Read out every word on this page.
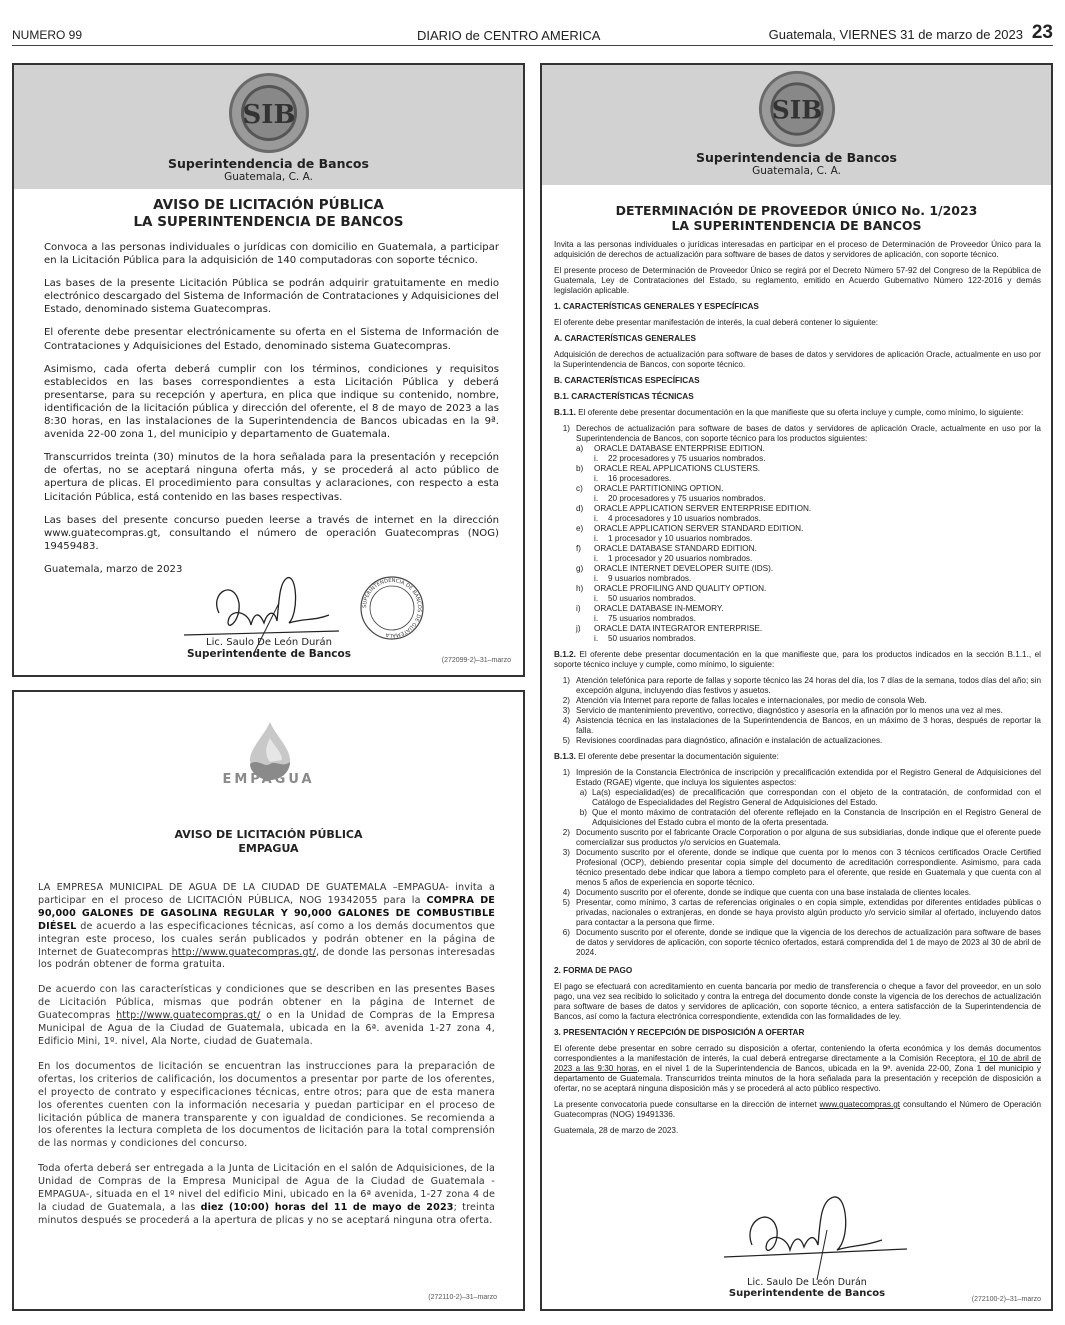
NUMERO 99	DIARIO de CENTRO AMERICA	Guatemala, VIERNES 31 de marzo de 2023 23
SIB
Superintendencia de Bancos
Guatemala, C. A.
AVISO DE LICITACIÓN PÚBLICA
LA SUPERINTENDENCIA DE BANCOS

Convoca a las personas individuales o jurídicas con domicilio en Guatemala, a participar en la Licitación Pública para la adquisición de 140 computadoras con soporte técnico.

Las bases de la presente Licitación Pública se podrán adquirir gratuitamente en medio electrónico descargado del Sistema de Información de Contrataciones y Adquisiciones del Estado, denominado sistema Guatecompras.

El oferente debe presentar electrónicamente su oferta en el Sistema de Información de Contrataciones y Adquisiciones del Estado, denominado sistema Guatecompras.

Asimismo, cada oferta deberá cumplir con los términos, condiciones y requisitos establecidos en las bases correspondientes a esta Licitación Pública y deberá presentarse, para su recepción y apertura, en plica que indique su contenido, nombre, identificación de la licitación pública y dirección del oferente, el 8 de mayo de 2023 a las 8:30 horas, en las instalaciones de la Superintendencia de Bancos ubicadas en la 9ª. avenida 22-00 zona 1, del municipio y departamento de Guatemala.

Transcurridos treinta (30) minutos de la hora señalada para la presentación y recepción de ofertas, no se aceptará ninguna oferta más, y se procederá al acto público de apertura de plicas. El procedimiento para consultas y aclaraciones, con respecto a esta Licitación Pública, está contenido en las bases respectivas.

Las bases del presente concurso pueden leerse a través de internet en la dirección www.guatecompras.gt, consultando el número de operación Guatecompras (NOG) 19459483.

Guatemala, marzo de 2023

SUPERINTENDENCIA DE BANCOS DE GUATEMALA
Lic. Saulo De León Durán
Superintendente de Bancos
(272099-2)–31–marzo
EMPAGUA
AVISO DE LICITACIÓN PÚBLICA
EMPAGUA

LA EMPRESA MUNICIPAL DE AGUA DE LA CIUDAD DE GUATEMALA –EMPAGUA- invita a participar en el proceso de LICITACIÓN PÚBLICA, NOG 19342055 para la COMPRA DE 90,000 GALONES DE GASOLINA REGULAR Y 90,000 GALONES DE COMBUSTIBLE DIÉSEL de acuerdo a las especificaciones técnicas, así como a los demás documentos que integran este proceso, los cuales serán publicados y podrán obtener en la página de Internet de Guatecompras http://www.guatecompras.gt/, de donde las personas interesadas los podrán obtener de forma gratuita.

De acuerdo con las características y condiciones que se describen en las presentes Bases de Licitación Pública, mismas que podrán obtener en la página de Internet de Guatecompras http://www.guatecompras.gt/ o en la Unidad de Compras de la Empresa Municipal de Agua de la Ciudad de Guatemala, ubicada en la 6ª. avenida 1-27 zona 4, Edificio Mini, 1º. nivel, Ala Norte, ciudad de Guatemala.

En los documentos de licitación se encuentran las instrucciones para la preparación de ofertas, los criterios de calificación, los documentos a presentar por parte de los oferentes, el proyecto de contrato y especificaciones técnicas, entre otros; para que de esta manera los oferentes cuenten con la información necesaria y puedan participar en el proceso de licitación pública de manera transparente y con igualdad de condiciones. Se recomienda a los oferentes la lectura completa de los documentos de licitación para la total comprensión de las normas y condiciones del concurso.

Toda oferta deberá ser entregada a la Junta de Licitación en el salón de Adquisiciones, de la Unidad de Compras de la Empresa Municipal de Agua de la Ciudad de Guatemala -EMPAGUA-, situada en el 1º nivel del edificio Mini, ubicado en la 6ª avenida, 1-27 zona 4 de la ciudad de Guatemala, a las diez (10:00) horas del 11 de mayo de 2023; treinta minutos después se procederá a la apertura de plicas y no se aceptará ninguna otra oferta.

(272110-2)–31–marzo
SIB
Superintendencia de Bancos
Guatemala, C. A.
DETERMINACIÓN DE PROVEEDOR ÚNICO No. 1/2023
LA SUPERINTENDENCIA DE BANCOS

Invita a las personas individuales o jurídicas interesadas en participar en el proceso de Determinación de Proveedor Único para la adquisición de derechos de actualización para software de bases de datos y servidores de aplicación, con soporte técnico.

El presente proceso de Determinación de Proveedor Único se regirá por el Decreto Número 57-92 del Congreso de la República de Guatemala, Ley de Contrataciones del Estado, su reglamento, emitido en Acuerdo Gubernativo Número 122-2016 y demás legislación aplicable.

1. CARACTERÍSTICAS GENERALES Y ESPECÍFICAS

El oferente debe presentar manifestación de interés, la cual deberá contener lo siguiente:

A. CARACTERÍSTICAS GENERALES

Adquisición de derechos de actualización para software de bases de datos y servidores de aplicación Oracle, actualmente en uso por la Superintendencia de Bancos, con soporte técnico.

B. CARACTERÍSTICAS ESPECÍFICAS
B.1. CARACTERÍSTICAS TÉCNICAS

B.1.1. El oferente debe presentar documentación en la que manifieste que su oferta incluye y cumple, como mínimo, lo siguiente:

1) Derechos de actualización para software de bases de datos y servidores de aplicación Oracle, actualmente en uso por la Superintendencia de Bancos, con soporte técnico para los productos siguientes:
a)	ORACLE DATABASE ENTERPRISE EDITION.
i.	22 procesadores y 75 usuarios nombrados.
b)	ORACLE REAL APPLICATIONS CLUSTERS.
i.	16 procesadores.
c)	ORACLE PARTITIONING OPTION.
i.	20 procesadores y 75 usuarios nombrados.
d)	ORACLE APPLICATION SERVER ENTERPRISE EDITION.
i.	4 procesadores y 10 usuarios nombrados.
e)	ORACLE APPLICATION SERVER STANDARD EDITION.
i.	1 procesador y 10 usuarios nombrados.
f)	ORACLE DATABASE STANDARD EDITION.
i.	1 procesador y 20 usuarios nombrados.
g)	ORACLE INTERNET DEVELOPER SUITE (IDS).
i.	9 usuarios nombrados.
h)	ORACLE PROFILING AND QUALITY OPTION.
i.	50 usuarios nombrados.
i)	ORACLE DATABASE IN-MEMORY.
i.	75 usuarios nombrados.
j)	ORACLE DATA INTEGRATOR ENTERPRISE.
i.	50 usuarios nombrados.

B.1.2. El oferente debe presentar documentación en la que manifieste que, para los productos indicados en la sección B.1.1., el soporte técnico incluye y cumple, como mínimo, lo siguiente:

1) Atención telefónica para reporte de fallas y soporte técnico las 24 horas del día, los 7 días de la semana, todos días del año; sin excepción alguna, incluyendo días festivos y asuetos.
2) Atención vía Internet para reporte de fallas locales e internacionales, por medio de consola Web.
3) Servicio de mantenimiento preventivo, correctivo, diagnóstico y asesoría en la afinación por lo menos una vez al mes.
4) Asistencia técnica en las instalaciones de la Superintendencia de Bancos, en un máximo de 3 horas, después de reportar la falla.
5) Revisiones coordinadas para diagnóstico, afinación e instalación de actualizaciones.

B.1.3. El oferente debe presentar la documentación siguiente:

1) Impresión de la Constancia Electrónica de inscripción y precalificación extendida por el Registro General de Adquisiciones del Estado (RGAE) vigente, que incluya los siguientes aspectos:
a) La(s) especialidad(es) de precalificación que correspondan con el objeto de la contratación, de conformidad con el Catálogo de Especialidades del Registro General de Adquisiciones del Estado.
b) Que el monto máximo de contratación del oferente reflejado en la Constancia de Inscripción en el Registro General de Adquisiciones del Estado cubra el monto de la oferta presentada.
2) Documento suscrito por el fabricante Oracle Corporation o por alguna de sus subsidiarias, donde indique que el oferente puede comercializar sus productos y/o servicios en Guatemala.
3) Documento suscrito por el oferente, donde se indique que cuenta por lo menos con 3 técnicos certificados Oracle Certified Profesional (OCP), debiendo presentar copia simple del documento de acreditación correspondiente. Asimismo, para cada técnico presentado debe indicar que labora a tiempo completo para el oferente, que reside en Guatemala y que cuenta con al menos 5 años de experiencia en soporte técnico.
4) Documento suscrito por el oferente, donde se indique que cuenta con una base instalada de clientes locales.
5) Presentar, como mínimo, 3 cartas de referencias originales o en copia simple, extendidas por diferentes entidades públicas o privadas, nacionales o extranjeras, en donde se haya provisto algún producto y/o servicio similar al ofertado, incluyendo datos para contactar a la persona que firme.
6) Documento suscrito por el oferente, donde se indique que la vigencia de los derechos de actualización para software de bases de datos y servidores de aplicación, con soporte técnico ofertados, estará comprendida del 1 de mayo de 2023 al 30 de abril de 2024.
2. FORMA DE PAGO

El pago se efectuará con acreditamiento en cuenta bancaria por medio de transferencia o cheque a favor del proveedor, en un solo pago, una vez sea recibido lo solicitado y contra la entrega del documento donde conste la vigencia de los derechos de actualización para software de bases de datos y servidores de aplicación, con soporte técnico, a entera satisfacción de la Superintendencia de Bancos, así como la factura electrónica correspondiente, extendida con las formalidades de ley.

3. PRESENTACIÓN Y RECEPCIÓN DE DISPOSICIÓN A OFERTAR

El oferente debe presentar en sobre cerrado su disposición a ofertar, conteniendo la oferta económica y los demás documentos correspondientes a la manifestación de interés, la cual deberá entregarse directamente a la Comisión Receptora, el 10 de abril de 2023 a las 9:30 horas, en el nivel 1 de la Superintendencia de Bancos, ubicada en la 9ª. avenida 22-00, Zona 1 del municipio y departamento de Guatemala. Transcurridos treinta minutos de la hora señalada para la presentación y recepción de disposición a ofertar, no se aceptará ninguna disposición más y se procederá al acto público respectivo.

La presente convocatoria puede consultarse en la dirección de internet www.guatecompras.gt consultando el Número de Operación Guatecompras (NOG) 19491336.

Guatemala, 28 de marzo de 2023.

Lic. Saulo De León Durán
Superintendente de Bancos
(272100-2)–31–marzo
